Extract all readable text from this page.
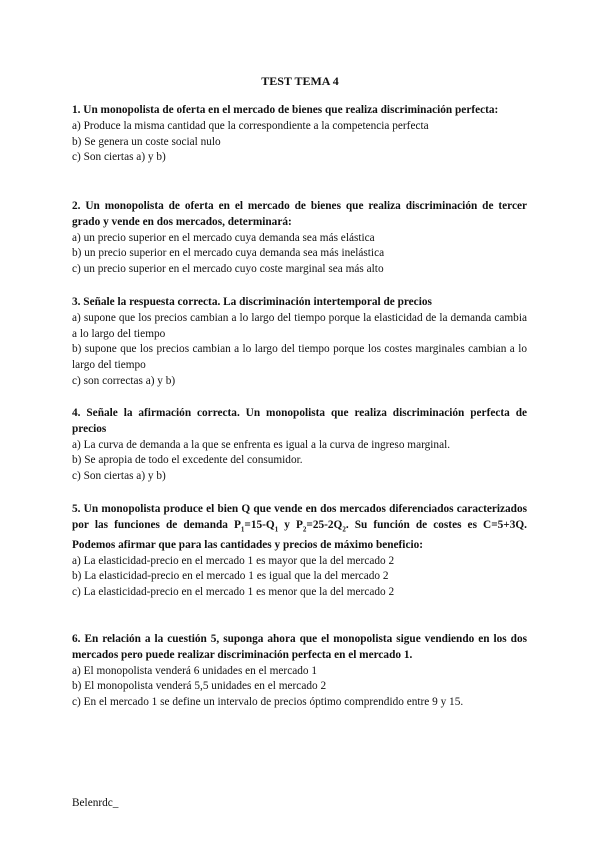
TEST TEMA 4
1. Un monopolista de oferta en el mercado de bienes que realiza discriminación perfecta:
a) Produce la misma cantidad que la correspondiente a la competencia perfecta
b) Se genera un coste social nulo
c) Son ciertas a) y b)
2. Un monopolista de oferta en el mercado de bienes que realiza discriminación de tercer grado y vende en dos mercados, determinará:
a) un precio superior en el mercado cuya demanda sea más elástica
b) un precio superior en el mercado cuya demanda sea más inelástica
c) un precio superior en el mercado cuyo coste marginal sea más alto
3. Señale la respuesta correcta. La discriminación intertemporal de precios
a) supone que los precios cambian a lo largo del tiempo porque la elasticidad de la demanda cambia a lo largo del tiempo
b) supone que los precios cambian a lo largo del tiempo porque los costes marginales cambian a lo largo del tiempo
c) son correctas a) y b)
4. Señale la afirmación correcta. Un monopolista que realiza discriminación perfecta de precios
a) La curva de demanda a la que se enfrenta es igual a la curva de ingreso marginal.
b) Se apropia de todo el excedente del consumidor.
c) Son ciertas a) y b)
5. Un monopolista produce el bien Q que vende en dos mercados diferenciados caracterizados por las funciones de demanda $P_1=15-Q_1$ y $P_2=25-2Q_2$. Su función de costes es C=5+3Q. Podemos afirmar que para las cantidades y precios de máximo beneficio:
a) La elasticidad-precio en el mercado 1 es mayor que la del mercado 2
b) La elasticidad-precio en el mercado 1 es igual que la del mercado 2
c) La elasticidad-precio en el mercado 1 es menor que la del mercado 2
6. En relación a la cuestión 5, suponga ahora que el monopolista sigue vendiendo en los dos mercados pero puede realizar discriminación perfecta en el mercado 1.
a) El monopolista venderá 6 unidades en el mercado 1
b) El monopolista venderá 5,5 unidades en el mercado 2
c) En el mercado 1 se define un intervalo de precios óptimo comprendido entre 9 y 15.
Belenrdc_
